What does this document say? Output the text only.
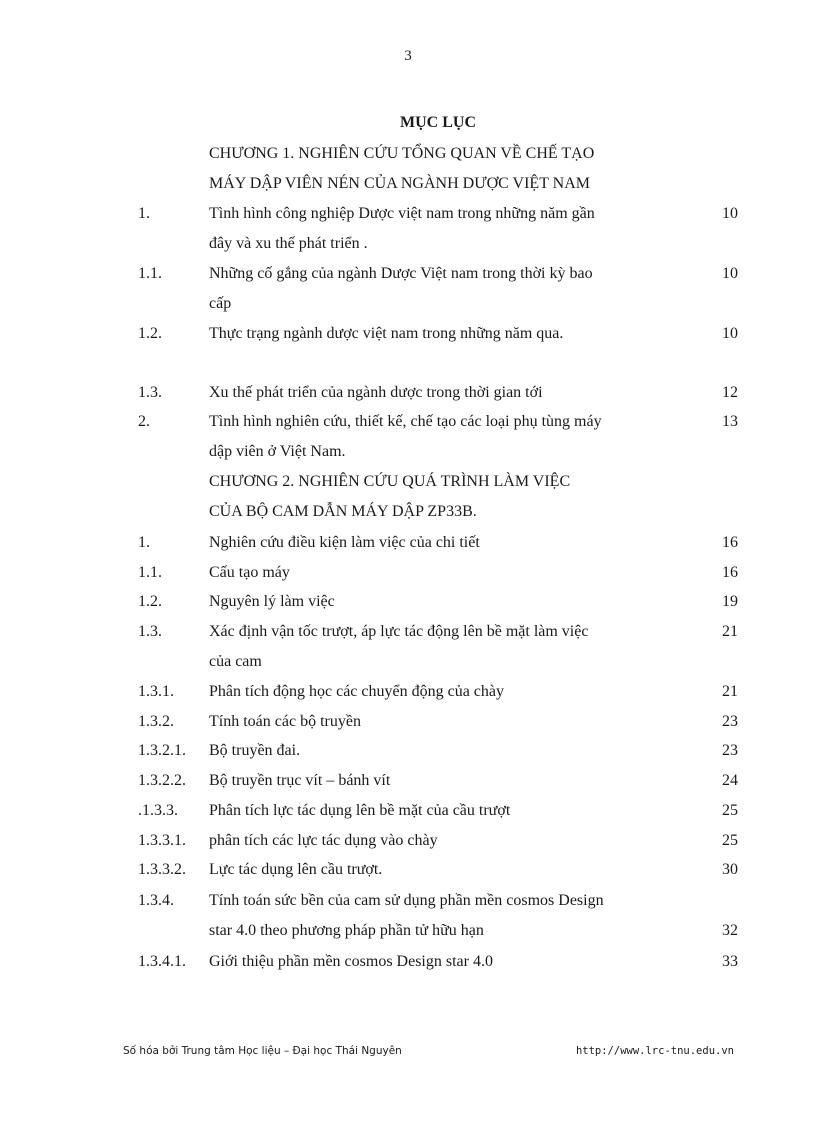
3
MỤC LỤC
CHƯƠNG 1. NGHIÊN CỨU TỔNG QUAN VỀ CHẾ TẠO
MÁY DẬP VIÊN NÉN CỦA NGÀNH DƯỢC VIỆT NAM
1.	Tình hình công nghiệp Dược việt nam trong những năm gần	10
đây và xu thế phát triển .
1.1.	Những cố gắng của ngành Dược Việt nam trong thời kỳ bao	10
cấp
1.2.	Thực trạng ngành dược việt nam trong những năm qua.	10
1.3.	Xu thế phát triển của ngành dược trong thời gian tới	12
2.	Tình hình nghiên cứu, thiết kế, chế tạo các loại phụ tùng máy	13
dập viên ở Việt Nam.
CHƯƠNG 2. NGHIÊN CỨU QUÁ TRÌNH LÀM VIỆC
CỦA BỘ CAM DẪN MÁY DẬP ZP33B.
1.	Nghiên cứu điều kiện làm việc của chi tiết	16
1.1.	Cấu tạo máy	16
1.2.	Nguyên lý làm việc	19
1.3.	Xác định vận tốc trượt, áp lực tác động lên bề mặt làm việc	21
của cam
1.3.1. Phân tích động học các chuyển động của chày	21
1.3.2. Tính toán các bộ truyền	23
1.3.2.1. Bộ truyền đai.	23
1.3.2.2. Bộ truyền trục vít – bánh vít	24
.1.3.3. Phân tích lực tác dụng lên bề mặt của cầu trượt	25
1.3.3.1. phân tích các lực tác dụng vào chày	25
1.3.3.2. Lực tác dụng lên cầu trượt.	30
1.3.4. Tính toán sức bền của cam sử dụng phần mền cosmos Design
star 4.0 theo phương pháp phần tử hữu hạn	32
1.3.4.1. Giới thiệu phần mền cosmos Design star 4.0	33
Số hóa bởi Trung tâm Học liệu – Đại học Thái Nguyên	http://www.lrc-tnu.edu.vn
